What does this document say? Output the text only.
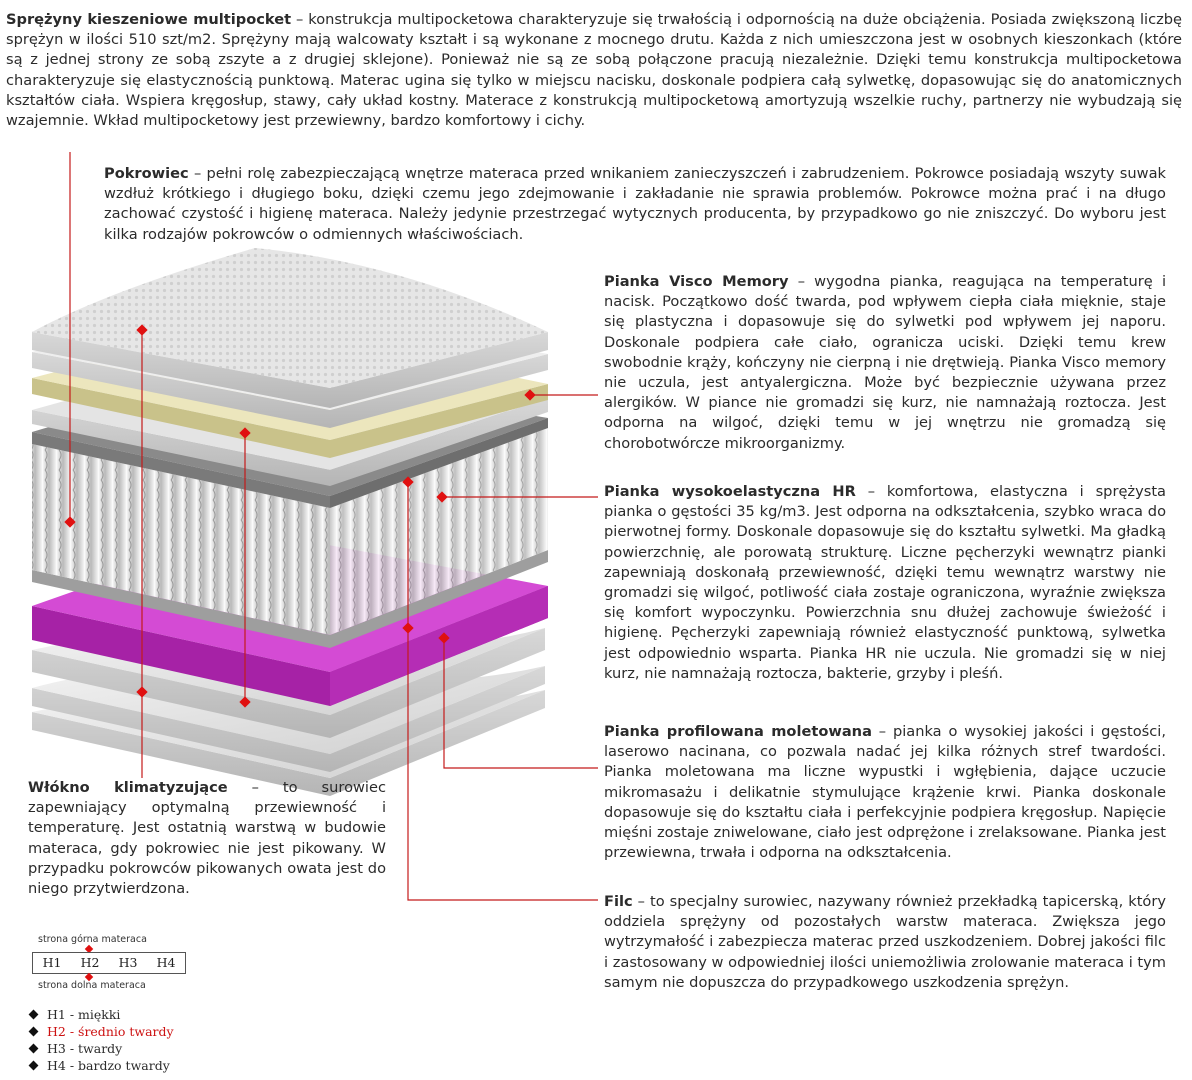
Sprężyny kieszeniowe multipocket – konstrukcja multipocketowa charakteryzuje się trwałością i odpornością na duże obciążenia. Posiada zwiększoną liczbę sprężyn w ilości 510 szt/m2. Sprężyny mają walcowaty kształt i są wykonane z mocnego drutu. Każda z nich umieszczona jest w osobnych kieszonkach (które są z jednej strony ze sobą zszyte a z drugiej sklejone). Ponieważ nie są ze sobą połączone pracują niezależnie. Dzięki temu konstrukcja multipocketowa charakteryzuje się elastycznością punktową. Materac ugina się tylko w miejscu nacisku, doskonale podpiera całą sylwetkę, dopasowując się do anatomicznych kształtów ciała. Wspiera kręgosłup, stawy, cały układ kostny. Materace z konstrukcją multipocketową amortyzują wszelkie ruchy, partnerzy nie wybudzają się wzajemnie. Wkład multipocketowy jest przewiewny, bardzo komfortowy i cichy.
Pokrowiec – pełni rolę zabezpieczającą wnętrze materaca przed wnikaniem zanieczyszczeń i zabrudzeniem. Pokrowce posiadają wszyty suwak wzdłuż krótkiego i długiego boku, dzięki czemu jego zdejmowanie i zakładanie nie sprawia problemów. Pokrowce można prać i na długo zachować czystość i higienę materaca. Należy jedynie przestrzegać wytycznych producenta, by przypadkowo go nie zniszczyć. Do wyboru jest kilka rodzajów pokrowców o odmiennych właściwościach.
Pianka Visco Memory – wygodna pianka, reagująca na temperaturę i nacisk. Początkowo dość twarda, pod wpływem ciepła ciała mięknie, staje się plastyczna i dopasowuje się do sylwetki pod wpływem jej naporu. Doskonale podpiera całe ciało, ogranicza uciski. Dzięki temu krew swobodnie krąży, kończyny nie cierpną i nie drętwieją. Pianka Visco memory nie uczula, jest antyalergiczna. Może być bezpiecznie używana przez alergików. W piance nie gromadzi się kurz, nie namnażają roztocza. Jest odporna na wilgoć, dzięki temu w jej wnętrzu nie gromadzą się chorobotwórcze mikroorganizmy.
Pianka wysokoelastyczna HR – komfortowa, elastyczna i sprężysta pianka o gęstości 35 kg/m3. Jest odporna na odkształcenia, szybko wraca do pierwotnej formy. Doskonale dopasowuje się do kształtu sylwetki. Ma gładką powierzchnię, ale porowatą strukturę. Liczne pęcherzyki wewnątrz pianki zapewniają doskonałą przewiewność, dzięki temu wewnątrz warstwy nie gromadzi się wilgoć, potliwość ciała zostaje ograniczona, wyraźnie zwiększa się komfort wypoczynku. Powierzchnia snu dłużej zachowuje świeżość i higienę. Pęcherzyki zapewniają również elastyczność punktową, sylwetka jest odpowiednio wsparta. Pianka HR nie uczula. Nie gromadzi się w niej kurz, nie namnażają roztocza, bakterie, grzyby i pleśń.
Pianka profilowana moletowana – pianka o wysokiej jakości i gęstości, laserowo nacinana, co pozwala nadać jej kilka różnych stref twardości. Pianka moletowana ma liczne wypustki i wgłębienia, dające uczucie mikromasażu i delikatnie stymulujące krążenie krwi. Pianka doskonale dopasowuje się do kształtu ciała i perfekcyjnie podpiera kręgosłup. Napięcie mięśni zostaje zniwelowane, ciało jest odprężone i zrelaksowane. Pianka jest przewiewna, trwała i odporna na odkształcenia.
Filc – to specjalny surowiec, nazywany również przekładką tapicerską, który oddziela sprężyny od pozostałych warstw materaca. Zwiększa jego wytrzymałość i zabezpiecza materac przed uszkodzeniem. Dobrej jakości filc i zastosowany w odpowiedniej ilości uniemożliwia zrolowanie materaca i tym samym nie dopuszcza do przypadkowego uszkodzenia sprężyn.
Włókno klimatyzujące – to surowiec zapewniający optymalną przewiewność i temperaturę. Jest ostatnią warstwą w budowie materaca, gdy pokrowiec nie jest pikowany. W przypadku pokrowców pikowanych owata jest do niego przytwierdzona.
strona górna materaca
H1	H2	H3	H4
strona dolna materaca
H1 - miękki
H2 - średnio twardy
H3 - twardy
H4 - bardzo twardy
